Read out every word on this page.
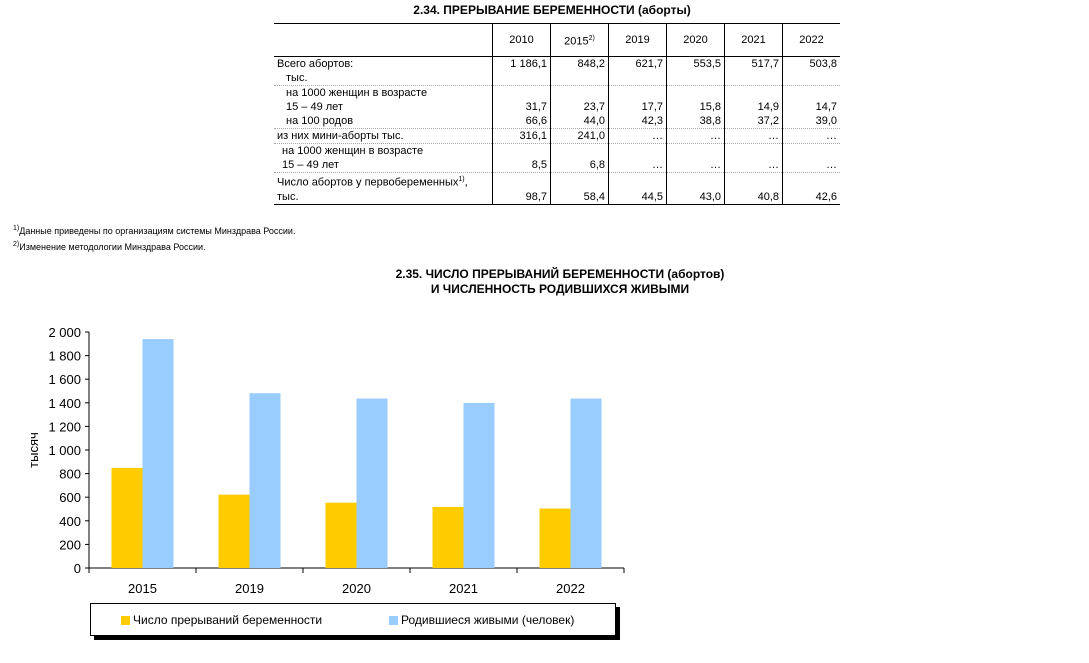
2.34. ПРЕРЫВАНИЕ БЕРЕМЕННОСТИ (аборты)
	2010	2015$^{2)}$	2019	2020	2021	2022
Всего абортов:	1 186,1	848,2	621,7	553,5	517,7	503,8
тыс.						
на 1000 женщин в возрасте						
15 – 49 лет	31,7	23,7	17,7	15,8	14,9	14,7
на 100 родов	66,6	44,0	42,3	38,8	37,2	39,0
из них мини-аборты тыс.	316,1	241,0	…	…	…	…
на 1000 женщин в возрасте						
15 – 49 лет	8,5	6,8	…	…	…	…
Число абортов у первобеременных$^{1)}$,						
тыс.	98,7	58,4	44,5	43,0	40,8	42,6
$^{1)}$Данные приведены по организациям системы Минздрава России.
$^{2)}$Изменение методологии Минздрава России.
2.35. ЧИСЛО ПРЕРЫВАНИЙ БЕРЕМЕННОСТИ (абортов)
И ЧИСЛЕННОСТЬ РОДИВШИХСЯ ЖИВЫМИ
0
200
400
600
800
1 000
1 200
1 400
1 600
1 800
2 000
тысяч
2015	2019	2020	2021	2022
Число прерываний беременности	Родившиеся живыми (человек)
